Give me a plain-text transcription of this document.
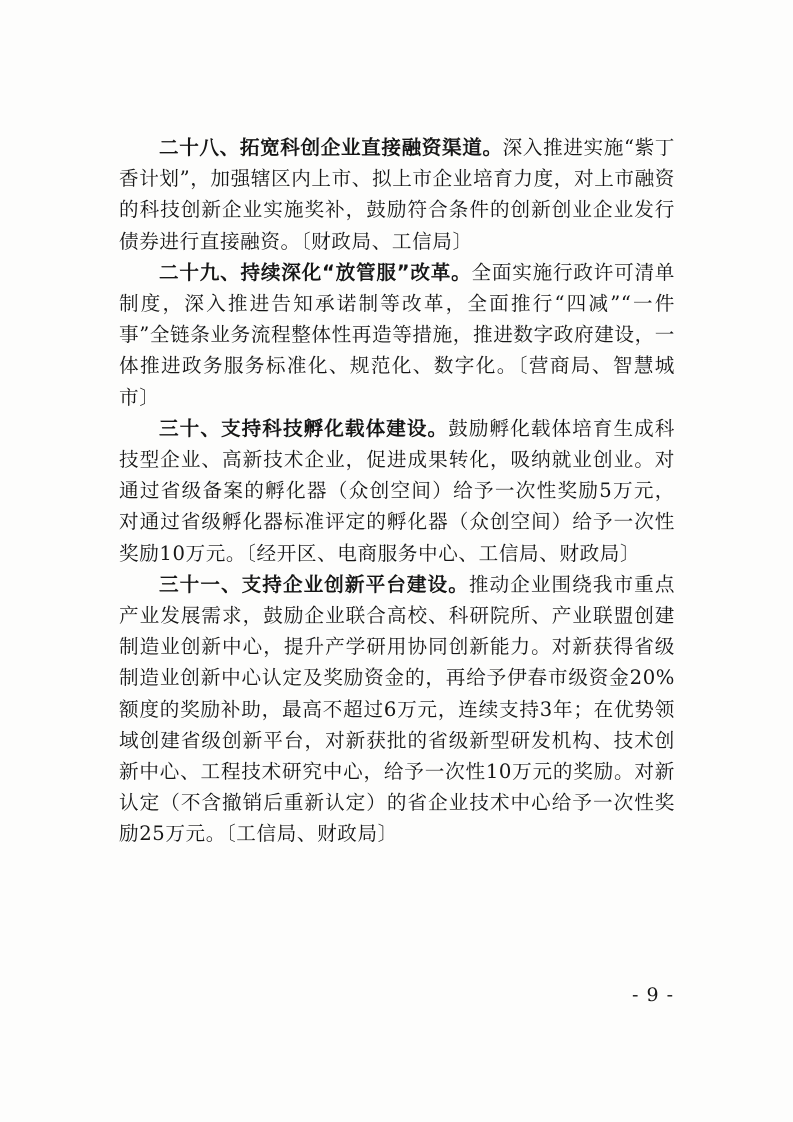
二十八、拓宽科创企业直接融资渠道。深入推进实施“紫丁香计划”，加强辖区内上市、拟上市企业培育力度，对上市融资的科技创新企业实施奖补，鼓励符合条件的创新创业企业发行债券进行直接融资。〔财政局、工信局〕

二十九、持续深化“放管服”改革。全面实施行政许可清单制度，深入推进告知承诺制等改革，全面推行“四减”“一件事”全链条业务流程整体性再造等措施，推进数字政府建设，一体推进政务服务标准化、规范化、数字化。〔营商局、智慧城市〕

三十、支持科技孵化载体建设。鼓励孵化载体培育生成科技型企业、高新技术企业，促进成果转化，吸纳就业创业。对通过省级备案的孵化器（众创空间）给予一次性奖励5万元，对通过省级孵化器标准评定的孵化器（众创空间）给予一次性奖励10万元。〔经开区、电商服务中心、工信局、财政局〕

三十一、支持企业创新平台建设。推动企业围绕我市重点产业发展需求，鼓励企业联合高校、科研院所、产业联盟创建制造业创新中心，提升产学研用协同创新能力。对新获得省级制造业创新中心认定及奖励资金的，再给予伊春市级资金20%额度的奖励补助，最高不超过6万元，连续支持3年；在优势领域创建省级创新平台，对新获批的省级新型研发机构、技术创新中心、工程技术研究中心，给予一次性10万元的奖励。对新认定（不含撤销后重新认定）的省企业技术中心给予一次性奖励25万元。〔工信局、财政局〕

- 9 -
